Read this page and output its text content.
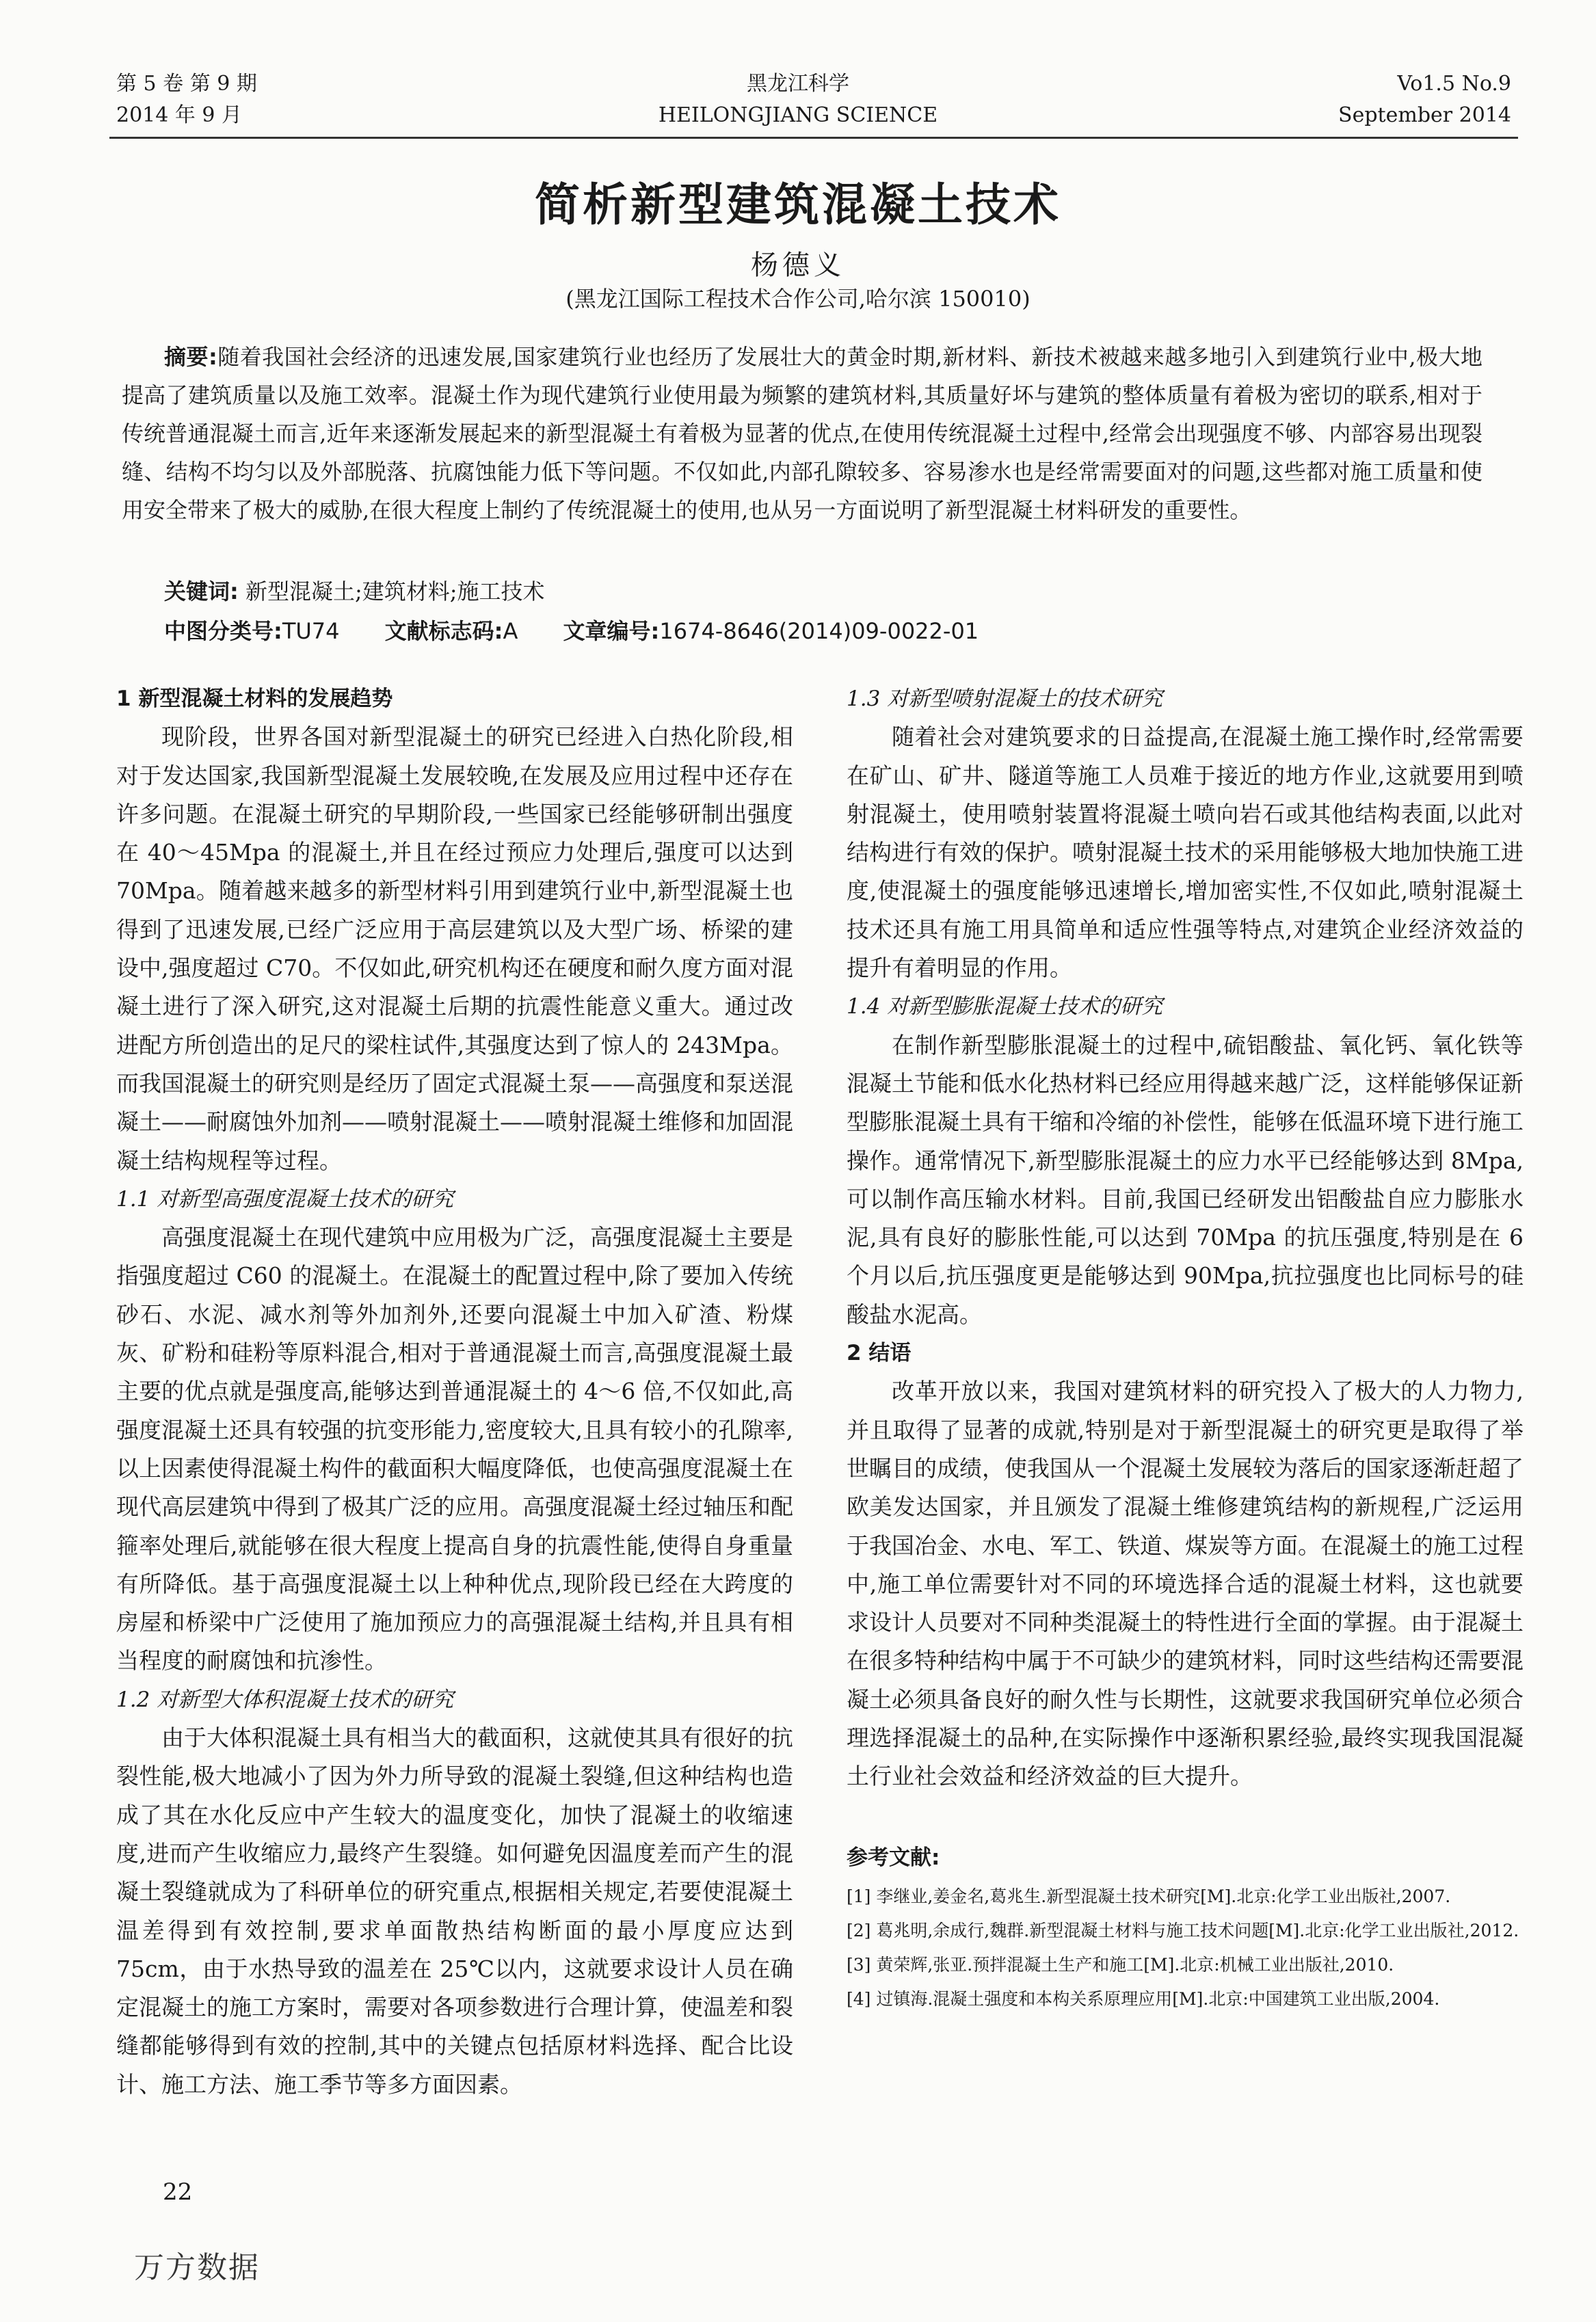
第 5 卷 第 9 期
2014 年 9 月
黑龙江科学
HEILONGJIANG SCIENCE
Vo1.5 No.9
September 2014
简析新型建筑混凝土技术
杨德义
(黑龙江国际工程技术合作公司,哈尔滨 150010)

摘要:随着我国社会经济的迅速发展,国家建筑行业也经历了发展壮大的黄金时期,新材料、新技术被越来越多地引入到建筑行业中,极大地提高了建筑质量以及施工效率。混凝土作为现代建筑行业使用最为频繁的建筑材料,其质量好坏与建筑的整体质量有着极为密切的联系,相对于传统普通混凝土而言,近年来逐渐发展起来的新型混凝土有着极为显著的优点,在使用传统混凝土过程中,经常会出现强度不够、内部容易出现裂缝、结构不均匀以及外部脱落、抗腐蚀能力低下等问题。不仅如此,内部孔隙较多、容易渗水也是经常需要面对的问题,这些都对施工质量和使用安全带来了极大的威胁,在很大程度上制约了传统混凝土的使用,也从另一方面说明了新型混凝土材料研发的重要性。

关键词: 新型混凝土;建筑材料;施工技术
中图分类号:TU74 文献标志码:A 文章编号:1674-8646(2014)09-0022-01

1 新型混凝土材料的发展趋势

现阶段，世界各国对新型混凝土的研究已经进入白热化阶段,相对于发达国家,我国新型混凝土发展较晚,在发展及应用过程中还存在许多问题。在混凝土研究的早期阶段,一些国家已经能够研制出强度在 40～45Mpa 的混凝土,并且在经过预应力处理后,强度可以达到 70Mpa。随着越来越多的新型材料引用到建筑行业中,新型混凝土也得到了迅速发展,已经广泛应用于高层建筑以及大型广场、桥梁的建设中,强度超过 C70。不仅如此,研究机构还在硬度和耐久度方面对混凝土进行了深入研究,这对混凝土后期的抗震性能意义重大。通过改进配方所创造出的足尺的梁柱试件,其强度达到了惊人的 243Mpa。而我国混凝土的研究则是经历了固定式混凝土泵——高强度和泵送混凝土——耐腐蚀外加剂——喷射混凝土——喷射混凝土维修和加固混凝土结构规程等过程。

1.1 对新型高强度混凝土技术的研究

高强度混凝土在现代建筑中应用极为广泛，高强度混凝土主要是指强度超过 C60 的混凝土。在混凝土的配置过程中,除了要加入传统砂石、水泥、减水剂等外加剂外,还要向混凝土中加入矿渣、粉煤灰、矿粉和硅粉等原料混合,相对于普通混凝土而言,高强度混凝土最主要的优点就是强度高,能够达到普通混凝土的 4～6 倍,不仅如此,高强度混凝土还具有较强的抗变形能力,密度较大,且具有较小的孔隙率,以上因素使得混凝土构件的截面积大幅度降低，也使高强度混凝土在现代高层建筑中得到了极其广泛的应用。高强度混凝土经过轴压和配箍率处理后,就能够在很大程度上提高自身的抗震性能,使得自身重量有所降低。基于高强度混凝土以上种种优点,现阶段已经在大跨度的房屋和桥梁中广泛使用了施加预应力的高强混凝土结构,并且具有相当程度的耐腐蚀和抗渗性。

1.2 对新型大体积混凝土技术的研究

由于大体积混凝土具有相当大的截面积，这就使其具有很好的抗裂性能,极大地减小了因为外力所导致的混凝土裂缝,但这种结构也造成了其在水化反应中产生较大的温度变化，加快了混凝土的收缩速度,进而产生收缩应力,最终产生裂缝。如何避免因温度差而产生的混凝土裂缝就成为了科研单位的研究重点,根据相关规定,若要使混凝土温差得到有效控制,要求单面散热结构断面的最小厚度应达到 75cm，由于水热导致的温差在 25℃以内，这就要求设计人员在确定混凝土的施工方案时，需要对各项参数进行合理计算，使温差和裂缝都能够得到有效的控制,其中的关键点包括原材料选择、配合比设计、施工方法、施工季节等多方面因素。

1.3 对新型喷射混凝土的技术研究

随着社会对建筑要求的日益提高,在混凝土施工操作时,经常需要在矿山、矿井、隧道等施工人员难于接近的地方作业,这就要用到喷射混凝土，使用喷射装置将混凝土喷向岩石或其他结构表面,以此对结构进行有效的保护。喷射混凝土技术的采用能够极大地加快施工进度,使混凝土的强度能够迅速增长,增加密实性,不仅如此,喷射混凝土技术还具有施工用具简单和适应性强等特点,对建筑企业经济效益的提升有着明显的作用。

1.4 对新型膨胀混凝土技术的研究

在制作新型膨胀混凝土的过程中,硫铝酸盐、氧化钙、氧化铁等混凝土节能和低水化热材料已经应用得越来越广泛，这样能够保证新型膨胀混凝土具有干缩和冷缩的补偿性，能够在低温环境下进行施工操作。通常情况下,新型膨胀混凝土的应力水平已经能够达到 8Mpa,可以制作高压输水材料。目前,我国已经研发出铝酸盐自应力膨胀水泥,具有良好的膨胀性能,可以达到 70Mpa 的抗压强度,特别是在 6 个月以后,抗压强度更是能够达到 90Mpa,抗拉强度也比同标号的硅酸盐水泥高。

2 结语

改革开放以来，我国对建筑材料的研究投入了极大的人力物力,并且取得了显著的成就,特别是对于新型混凝土的研究更是取得了举世瞩目的成绩，使我国从一个混凝土发展较为落后的国家逐渐赶超了欧美发达国家，并且颁发了混凝土维修建筑结构的新规程,广泛运用于我国冶金、水电、军工、铁道、煤炭等方面。在混凝土的施工过程中,施工单位需要针对不同的环境选择合适的混凝土材料，这也就要求设计人员要对不同种类混凝土的特性进行全面的掌握。由于混凝土在很多特种结构中属于不可缺少的建筑材料，同时这些结构还需要混凝土必须具备良好的耐久性与长期性，这就要求我国研究单位必须合理选择混凝土的品种,在实际操作中逐渐积累经验,最终实现我国混凝土行业社会效益和经济效益的巨大提升。

参考文献:

[1] 李继业,姜金名,葛兆生.新型混凝土技术研究[M].北京:化学工业出版社,2007.

[2] 葛兆明,余成行,魏群.新型混凝土材料与施工技术问题[M].北京:化学工业出版社,2012.

[3] 黄荣辉,张亚.预拌混凝土生产和施工[M].北京:机械工业出版社,2010.

[4] 过镇海.混凝土强度和本构关系原理应用[M].北京:中国建筑工业出版,2004.

22
万方数据
